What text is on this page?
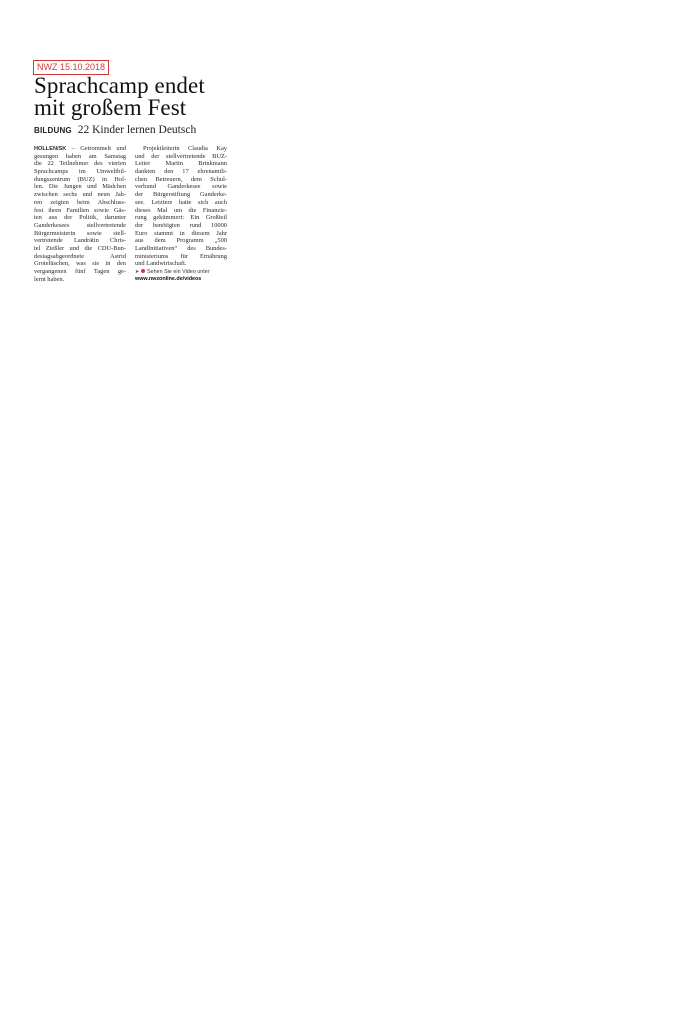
NWZ 15.10.2018
Sprachcamp endet
mit großem Fest
BILDUNG 22 Kinder lernen Deutsch
HOLLEN/SK – Getrommelt und
gesungen haben am Samstag
die 22 Teilnehmer des vierten
Sprachcamps im Umweltbil-
dungszentrum (BUZ) in Hol-
len. Die Jungen und Mädchen
zwischen sechs und neun Jah-
ren zeigten beim Abschluss-
fest ihren Familien sowie Gäs-
ten aus der Politik, darunter
Ganderkesees stellvertretende
Bürgermeisterin sowie stell-
vertretende Landrätin Chris-
tel Zießler und die CDU-Bun-
destagsabgeordnete Astrid
Grotelüschen, was sie in den
vergangenen fünf Tagen ge-
lernt haben.
Projektleiterin Claudia Kay
und der stellvertretende BUZ-
Leiter Martin Brinkmann
dankten den 17 ehrenamtli-
chen Betreuern, dem Schul-
verbund Ganderkesee sowie
der Bürgerstiftung Ganderke-
see. Letztere hatte sich auch
dieses Mal um die Finanzie-
rung gekümmert: Ein Großteil
der benötigten rund 10000
Euro stammt in diesem Jahr
aus dem Programm „500
LandInitiativen“ des Bundes-
ministeriums für Ernährung
und Landwirtschaft.
➤ Sehen Sie ein Video unter
www.nwzonline.de/videos
